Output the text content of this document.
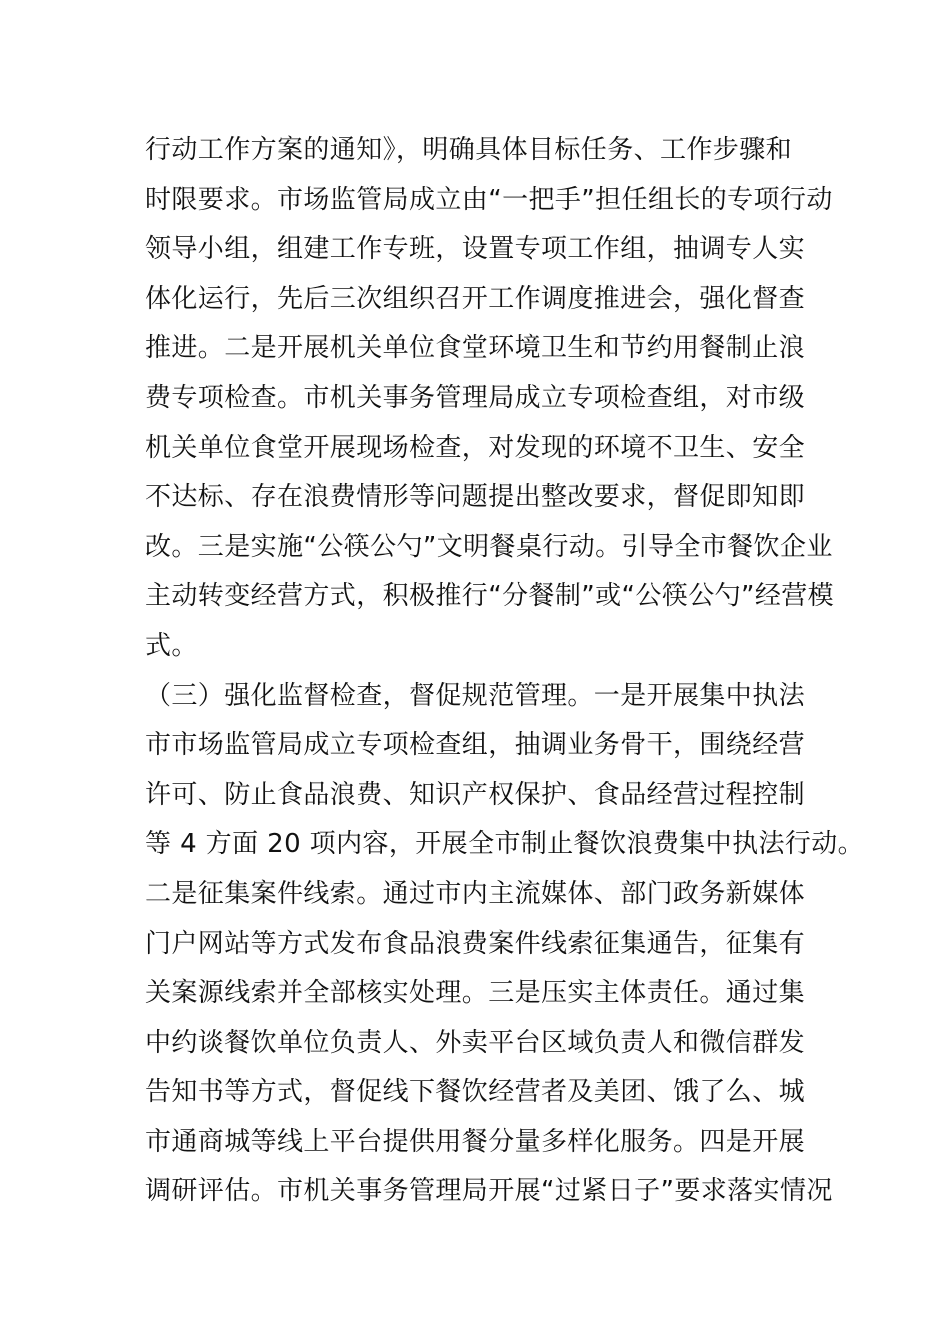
行动工作方案的通知》，明确具体目标任务、工作步骤和
时限要求。市场监管局成立由“一把手”担任组长的专项行动
领导小组，组建工作专班，设置专项工作组，抽调专人实
体化运行，先后三次组织召开工作调度推进会，强化督查
推进。二是开展机关单位食堂环境卫生和节约用餐制止浪
费专项检查。市机关事务管理局成立专项检查组，对市级
机关单位食堂开展现场检查，对发现的环境不卫生、安全
不达标、存在浪费情形等问题提出整改要求，督促即知即
改。三是实施“公筷公勺”文明餐桌行动。引导全市餐饮企业
主动转变经营方式，积极推行“分餐制”或“公筷公勺”经营模
式。
（三）强化监督检查，督促规范管理。一是开展集中执法
市市场监管局成立专项检查组，抽调业务骨干，围绕经营
许可、防止食品浪费、知识产权保护、食品经营过程控制
等 4 方面 20 项内容，开展全市制止餐饮浪费集中执法行动。
二是征集案件线索。通过市内主流媒体、部门政务新媒体
门户网站等方式发布食品浪费案件线索征集通告，征集有
关案源线索并全部核实处理。三是压实主体责任。通过集
中约谈餐饮单位负责人、外卖平台区域负责人和微信群发
告知书等方式，督促线下餐饮经营者及美团、饿了么、城
市通商城等线上平台提供用餐分量多样化服务。四是开展
调研评估。市机关事务管理局开展“过紧日子”要求落实情况
